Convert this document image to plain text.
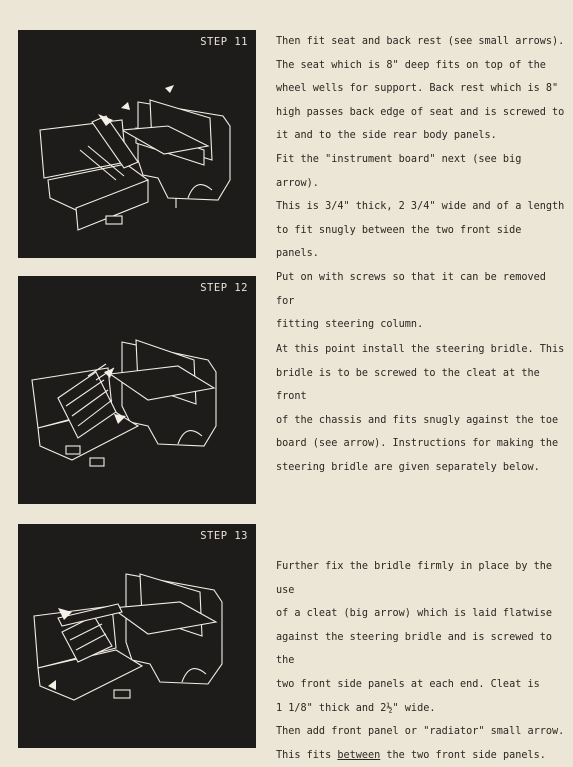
STEP 11	Then fit seat and back rest (see small arrows).

The seat which is 8" deep fits on top of the

wheel wells for support. Back rest which is 8"

high passes back edge of seat and is screwed to

it and to the side rear body panels.

Fit the "instrument board" next (see big arrow).

This is 3/4" thick, 2 3/4" wide and of a length

to fit snugly between the two front side panels.

Put on with screws so that it can be removed for

fitting steering column.

STEP 12

At this point install the steering bridle. This

bridle is to be screwed to the cleat at the front

of the chassis and fits snugly against the toe

board (see arrow). Instructions for making the

steering bridle are given separately below.

STEP 13

Further fix the bridle firmly in place by the use

of a cleat (big arrow) which is laid flatwise

against the steering bridle and is screwed to the

two front side panels at each end. Cleat is

1 1/8" thick and 2½" wide.

Then add front panel or "radiator" small arrow.

This fits between the two front side panels.
